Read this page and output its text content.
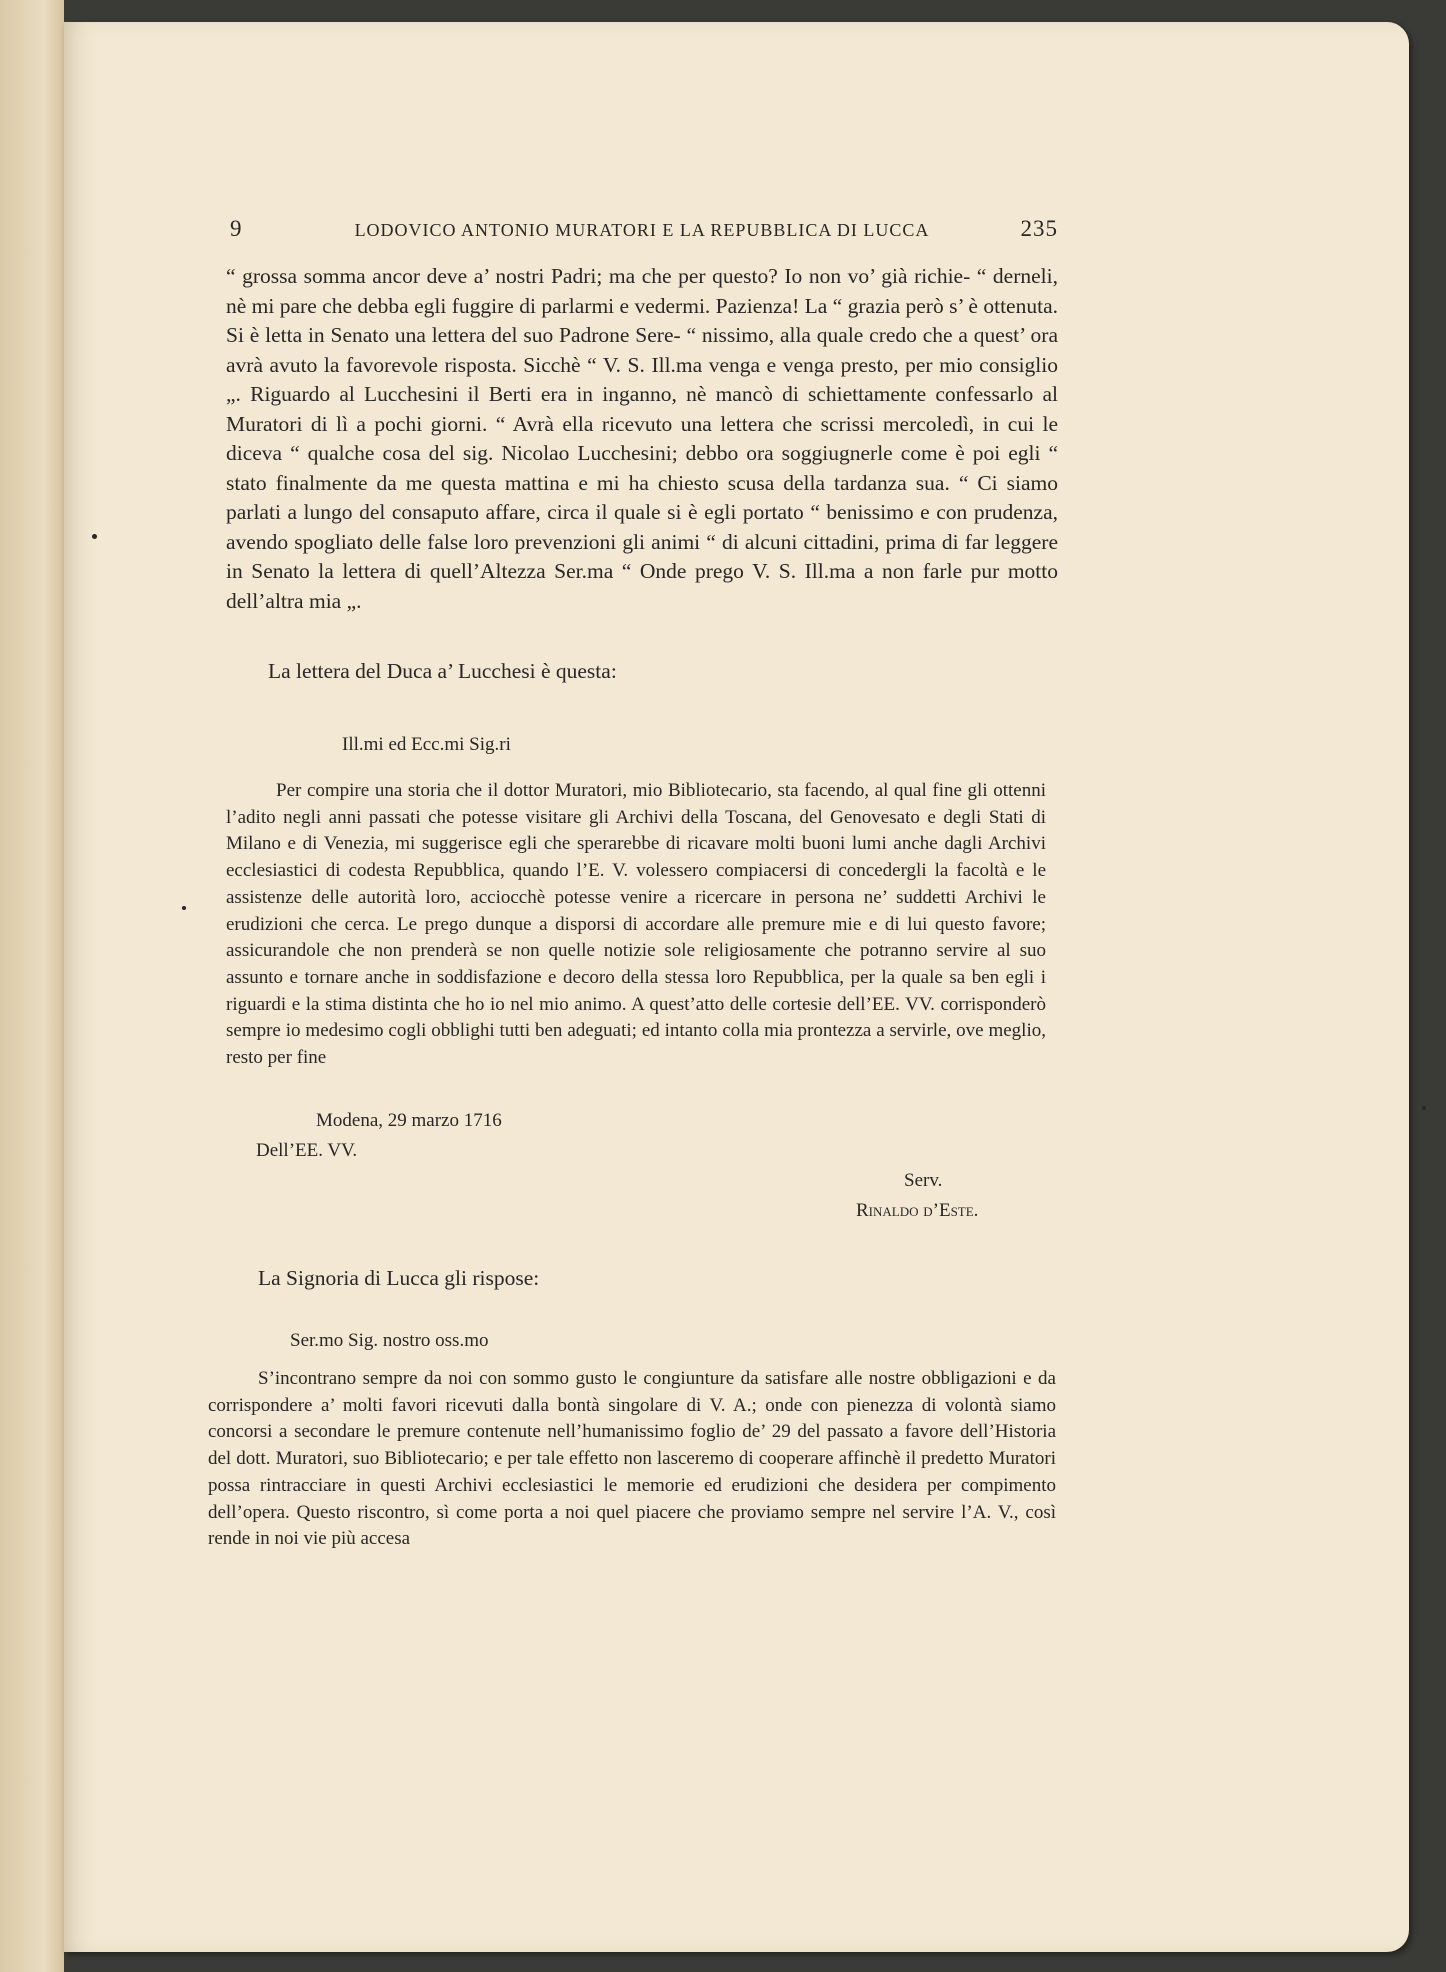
9	LODOVICO ANTONIO MURATORI E LA REPUBBLICA DI LUCCA	235

“ grossa somma ancor deve a’ nostri Padri; ma che per questo? Io non vo’ già richie- “ derneli, nè mi pare che debba egli fuggire di parlarmi e vedermi. Pazienza! La “ grazia però s’ è ottenuta. Si è letta in Senato una lettera del suo Padrone Sere- “ nissimo, alla quale credo che a quest’ ora avrà avuto la favorevole risposta. Sicchè “ V. S. Ill.ma venga e venga presto, per mio consiglio „. Riguardo al Lucchesini il Berti era in inganno, nè mancò di schiettamente confessarlo al Muratori di lì a pochi giorni. “ Avrà ella ricevuto una lettera che scrissi mercoledì, in cui le diceva “ qualche cosa del sig. Nicolao Lucchesini; debbo ora soggiugnerle come è poi egli “ stato finalmente da me questa mattina e mi ha chiesto scusa della tardanza sua. “ Ci siamo parlati a lungo del consaputo affare, circa il quale si è egli portato “ benissimo e con prudenza, avendo spogliato delle false loro prevenzioni gli animi “ di alcuni cittadini, prima di far leggere in Senato la lettera di quell’Altezza Ser.ma “ Onde prego V. S. Ill.ma a non farle pur motto dell’altra mia „.

La lettera del Duca a’ Lucchesi è questa:
Ill.mi ed Ecc.mi Sig.ri

Per compire una storia che il dottor Muratori, mio Bibliotecario, sta facendo, al qual fine gli ottenni l’adito negli anni passati che potesse visitare gli Archivi della Toscana, del Genovesato e degli Stati di Milano e di Venezia, mi suggerisce egli che sperarebbe di ricavare molti buoni lumi anche dagli Archivi ecclesiastici di codesta Repubblica, quando l’E. V. volessero compiacersi di concedergli la facoltà e le assistenze delle autorità loro, acciocchè potesse venire a ricercare in persona ne’ suddetti Archivi le erudizioni che cerca. Le prego dunque a disporsi di accordare alle premure mie e di lui questo favore; assicurandole che non prenderà se non quelle notizie sole religiosamente che potranno servire al suo assunto e tornare anche in soddisfazione e decoro della stessa loro Repubblica, per la quale sa ben egli i riguardi e la stima distinta che ho io nel mio animo. A quest’atto delle cortesie dell’EE. VV. corrisponderò sempre io medesimo cogli obblighi tutti ben adeguati; ed intanto colla mia prontezza a servirle, ove meglio, resto per fine

Modena, 29 marzo 1716
Dell’EE. VV.
Serv.
Rinaldo d’Este.
La Signoria di Lucca gli rispose:
Ser.mo Sig. nostro oss.mo

S’incontrano sempre da noi con sommo gusto le congiunture da satisfare alle nostre obbligazioni e da corrispondere a’ molti favori ricevuti dalla bontà singolare di V. A.; onde con pienezza di volontà siamo concorsi a secondare le premure contenute nell’humanissimo foglio de’ 29 del passato a favore dell’Historia del dott. Muratori, suo Bibliotecario; e per tale effetto non lasceremo di cooperare affinchè il predetto Muratori possa rintracciare in questi Archivi ecclesiastici le memorie ed erudizioni che desidera per compimento dell’opera. Questo riscontro, sì come porta a noi quel piacere che proviamo sempre nel servire l’A. V., così rende in noi vie più accesa
